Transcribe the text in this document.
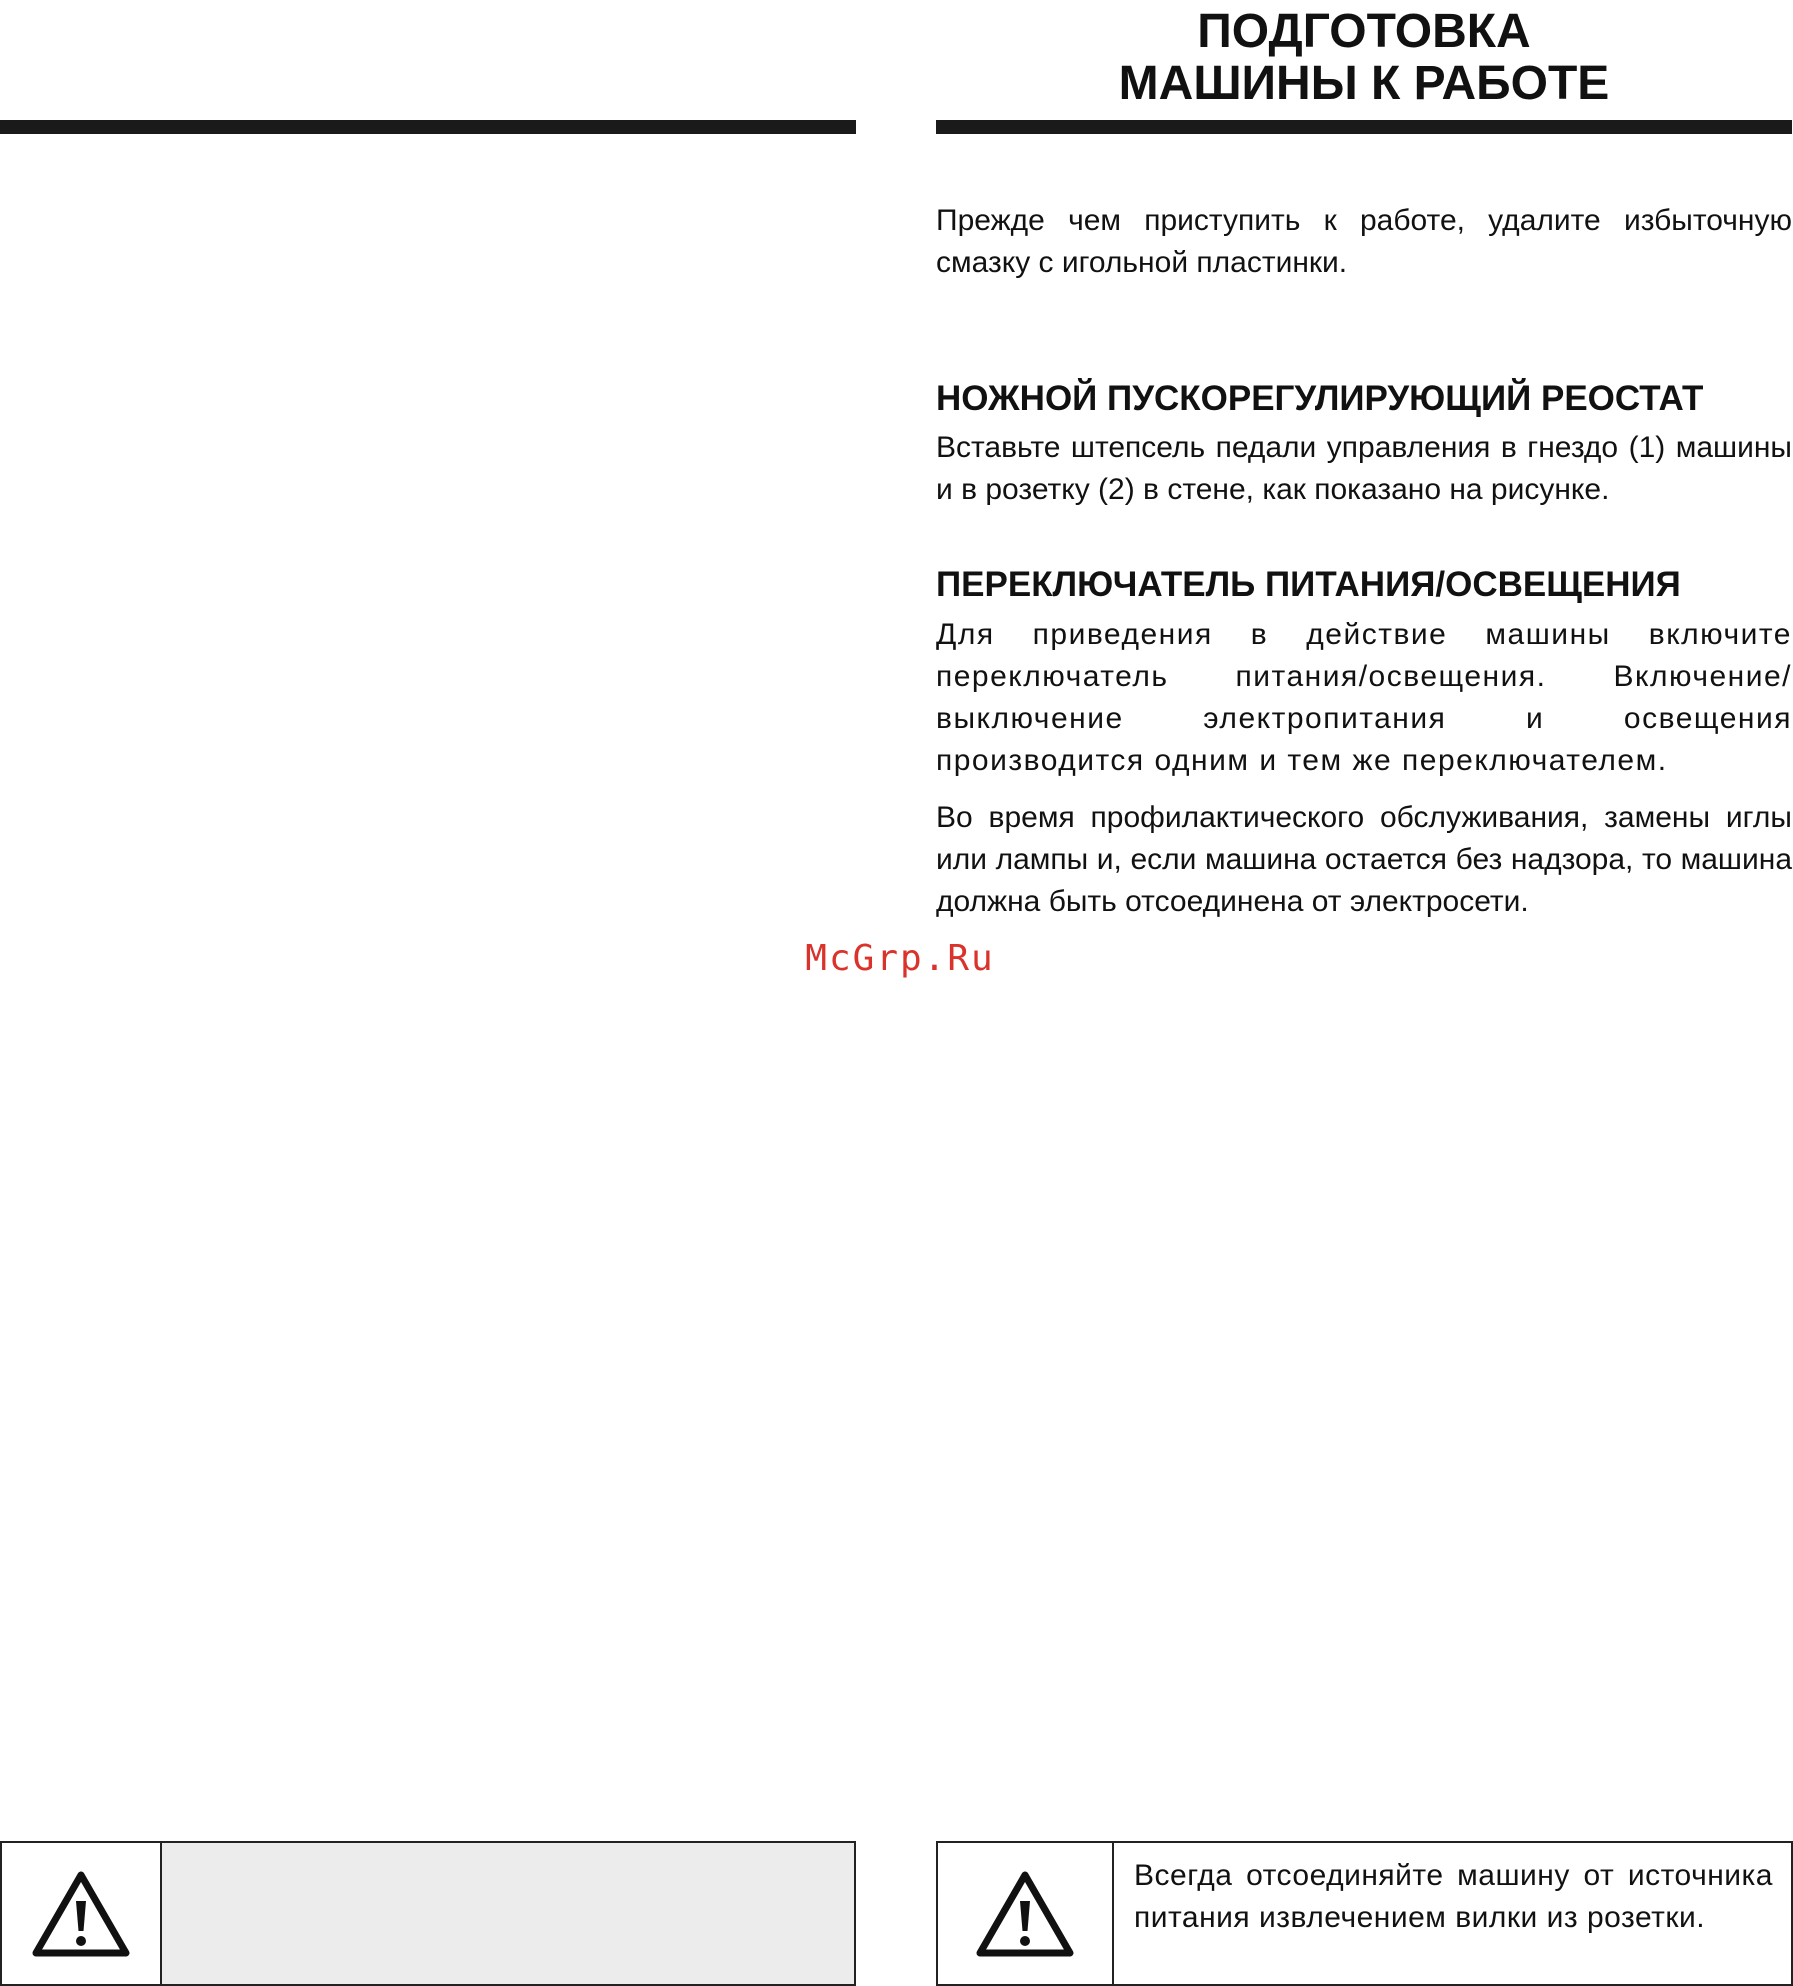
ПОДГОТОВКА
МАШИНЫ К РАБОТЕ

Прежде чем приступить к работе, удалите избыточную смазку с игольной пластинки.

НОЖНОЙ ПУСКОРЕГУЛИРУЮЩИЙ РЕОСТАТ

Вставьте штепсель педали управления в гнездо (1) машины и в розетку (2) в стене, как показано на рисунке.

ПЕРЕКЛЮЧАТЕЛЬ ПИТАНИЯ/ОСВЕЩЕНИЯ

Для приведения в действие машины включите переключатель питания/освещения. Включение/ выключение электропитания и освещения производится одним и тем же переключателем.

Во время профилактического обслуживания, замены иглы или лампы и, если машина остается без надзора, то машина должна быть отсоединена от электросети.

McGrp.Ru

Всегда отсоединяйте машину от источника питания извлечением вилки из розетки.
